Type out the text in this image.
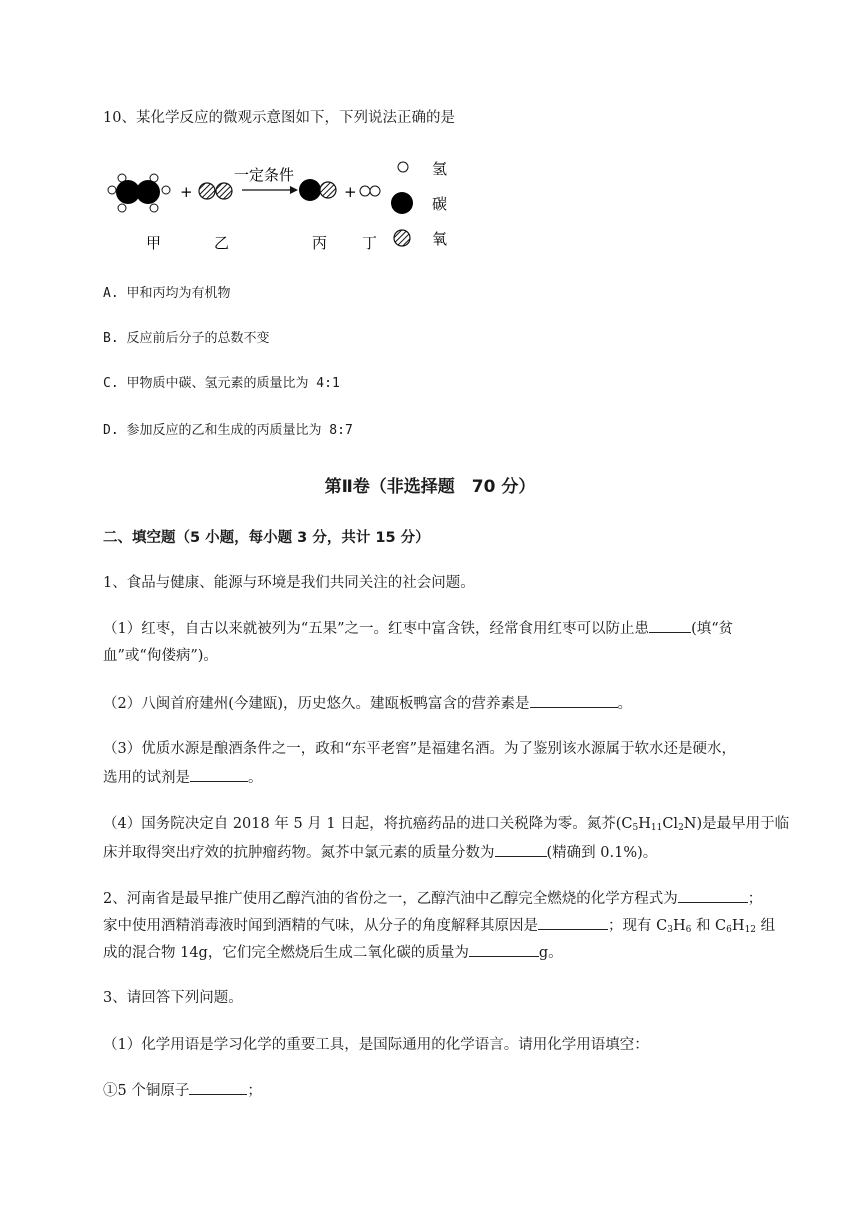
10、某化学反应的微观示意图如下，下列说法正确的是
+
一定条件
+
氢
碳
氧
甲	乙	丙 丁
A. 甲和丙均为有机物
B. 反应前后分子的总数不变
C. 甲物质中碳、氢元素的质量比为 4:1
D. 参加反应的乙和生成的丙质量比为 8:7
第Ⅱ卷（非选择题　70 分）
二、填空题（5 小题，每小题 3 分，共计 15 分）
1、食品与健康、能源与环境是我们共同关注的社会问题。
（1）红枣，自古以来就被列为“五果”之一。红枣中富含铁，经常食用红枣可以防止患	(填“贫
血”或“佝偻病”)。
（2）八闽首府建州(今建瓯)，历史悠久。建瓯板鸭富含的营养素是	。
（3）优质水源是酿酒条件之一，政和“东平老窖”是福建名酒。为了鉴别该水源属于软水还是硬水，
选用的试剂是	。
（4）国务院决定自 2018 年 5 月 1 日起，将抗癌药品的进口关税降为零。氮芥$(C_5H_{11}Cl_2N)$是最早用于临
床并取得突出疗效的抗肿瘤药物。氮芥中氯元素的质量分数为	(精确到 0.1%)。
2、河南省是最早推广使用乙醇汽油的省份之一，乙醇汽油中乙醇完全燃烧的化学方程式为	；
家中使用酒精消毒液时闻到酒精的气味，从分子的角度解释其原因是	；现有 $C_3H_6$ 和 $C_6H_{12}$ 组
成的混合物 14g，它们完全燃烧后生成二氧化碳的质量为	g。
3、请回答下列问题。
（1）化学用语是学习化学的重要工具，是国际通用的化学语言。请用化学用语填空：
①5 个铜原子	；
